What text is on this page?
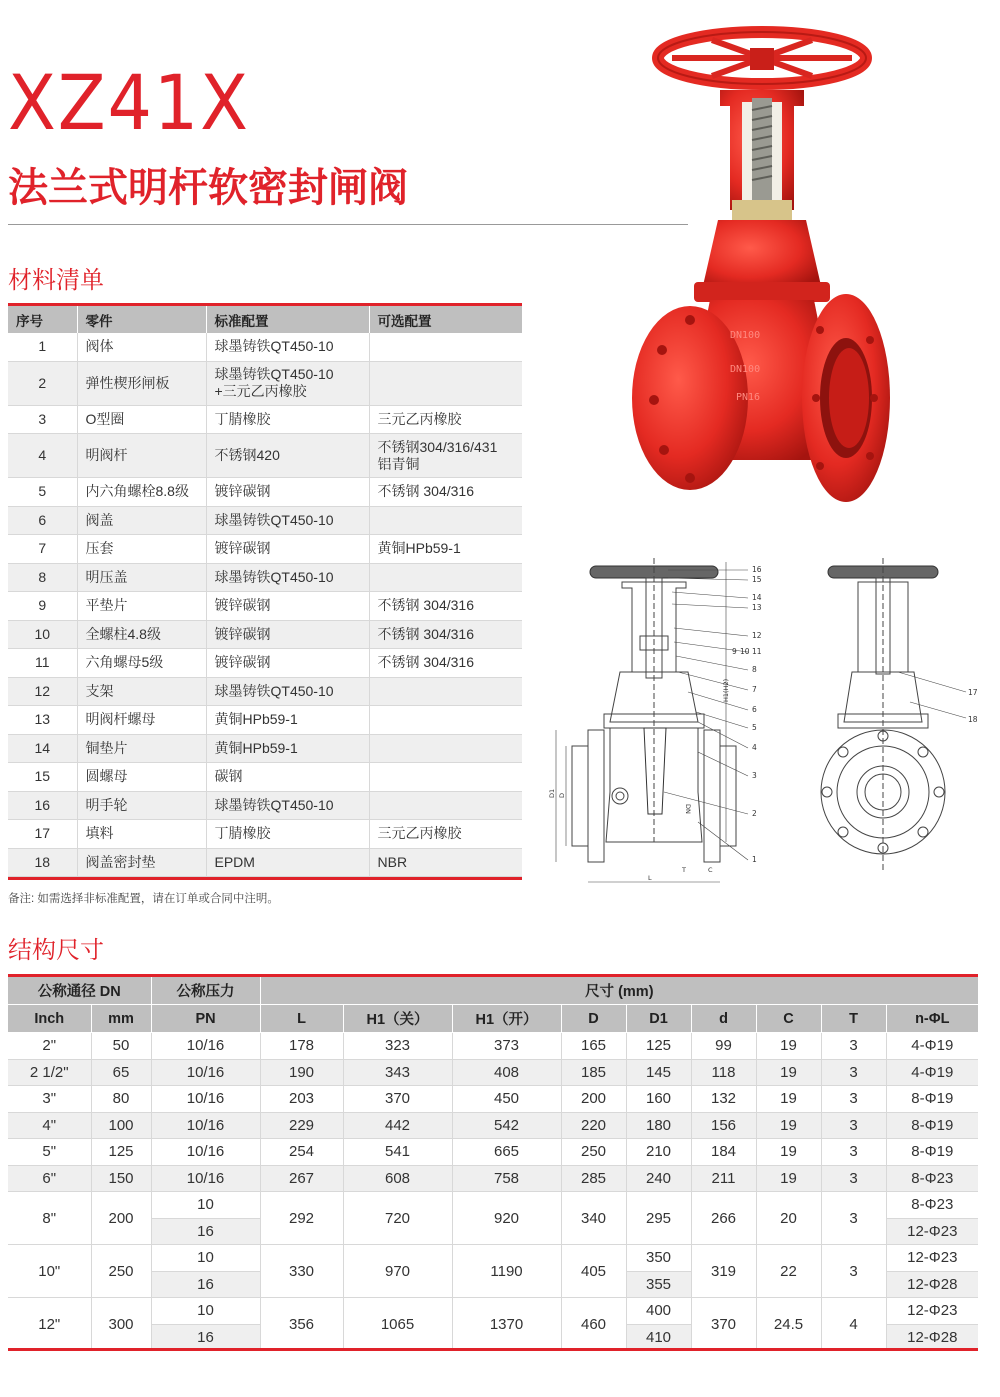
XZ41X
法兰式明杆软密封闸阀
DN100
DN100
PN16
材料清单
序号	零件	标准配置	可选配置
1	阀体	球墨铸铁QT450-10	
2	弹性楔形闸板	球墨铸铁QT450-10
+三元乙丙橡胶	
3	O型圈	丁腈橡胶	三元乙丙橡胶
4	明阀杆	不锈钢420	不锈钢304/316/431
铝青铜
5	内六角螺栓8.8级	镀锌碳钢	不锈钢 304/316
6	阀盖	球墨铸铁QT450-10	
7	压套	镀锌碳钢	黄铜HPb59-1
8	明压盖	球墨铸铁QT450-10	
9	平垫片	镀锌碳钢	不锈钢 304/316
10	全螺柱4.8级	镀锌碳钢	不锈钢 304/316
11	六角螺母5级	镀锌碳钢	不锈钢 304/316
12	支架	球墨铸铁QT450-10	
13	明阀杆螺母	黄铜HPb59-1	
14	铜垫片	黄铜HPb59-1	
15	圆螺母	碳钢	
16	明手轮	球墨铸铁QT450-10	
17	填料	丁腈橡胶	三元乙丙橡胶
18	阀盖密封垫	EPDM	NBR

备注: 如需选择非标准配置，请在订单或合同中注明。

16
15
14
13
12
9 10 11
8
7
6
5
4
3
2
1
H1(H2)
D1 D
DN
L
T	C
17
18
结构尺寸
公称通径 DN		公称压力	尺寸 (mm)								
Inch	mm	PN	L	H1（关）	H1（开）	D	D1	d	C	T	n-ΦL
2"	50	10/16	178	323	373	165	125	99	19	3	4-Φ19
2 1/2"	65	10/16	190	343	408	185	145	118	19	3	4-Φ19
3"	80	10/16	203	370	450	200	160	132	19	3	8-Φ19
4"	100	10/16	229	442	542	220	180	156	19	3	8-Φ19
5"	125	10/16	254	541	665	250	210	184	19	3	8-Φ19
6"	150	10/16	267	608	758	285	240	211	19	3	8-Φ23
8"	200	10	292	720	920	340	295	266	20	3	8-Φ23
		16									12-Φ23
10"	250	10	330	970	1190	405	350	319	22	3	12-Φ23
		16					355				12-Φ28
12"	300	10	356	1065	1370	460	400	370	24.5	4	12-Φ23
		16					410				12-Φ28
